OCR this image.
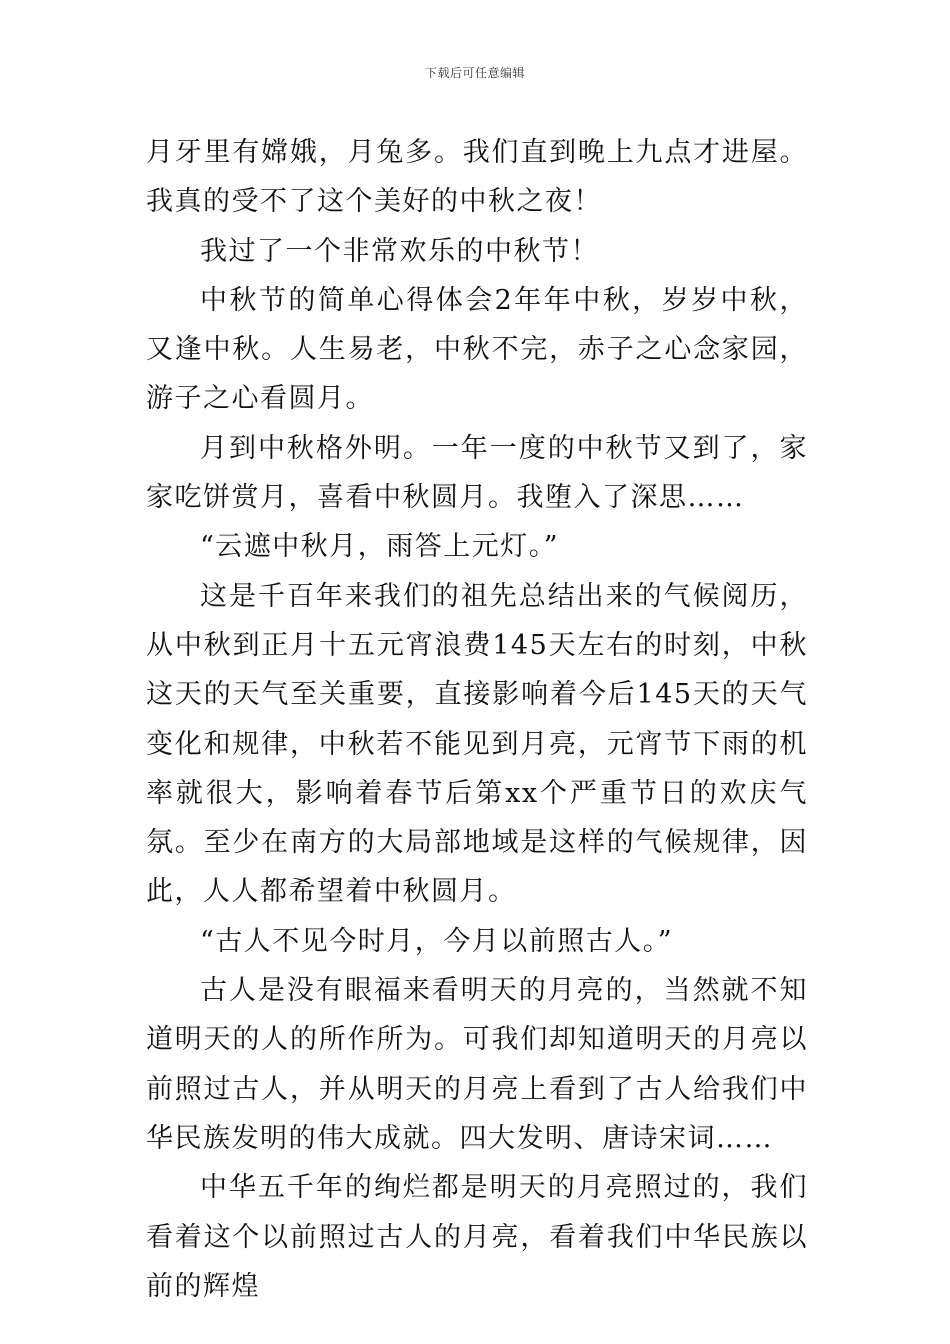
下载后可任意编辑

月牙里有嫦娥，月兔多。我们直到晚上九点才进屋。我真的受不了这个美好的中秋之夜！

我过了一个非常欢乐的中秋节！

中秋节的简单心得体会2年年中秋，岁岁中秋，又逢中秋。人生易老，中秋不完，赤子之心念家园，游子之心看圆月。

月到中秋格外明。一年一度的中秋节又到了，家家吃饼赏月，喜看中秋圆月。我堕入了深思……

“云遮中秋月，雨答上元灯。”

这是千百年来我们的祖先总结出来的气候阅历，从中秋到正月十五元宵浪费145天左右的时刻，中秋这天的天气至关重要，直接影响着今后145天的天气变化和规律，中秋若不能见到月亮，元宵节下雨的机率就很大，影响着春节后第xx个严重节日的欢庆气氛。至少在南方的大局部地域是这样的气候规律，因此，人人都希望着中秋圆月。

“古人不见今时月，今月以前照古人。”

古人是没有眼福来看明天的月亮的，当然就不知道明天的人的所作所为。可我们却知道明天的月亮以前照过古人，并从明天的月亮上看到了古人给我们中华民族发明的伟大成就。四大发明、唐诗宋词……

中华五千年的绚烂都是明天的月亮照过的，我们看着这个以前照过古人的月亮，看着我们中华民族以前的辉煌
